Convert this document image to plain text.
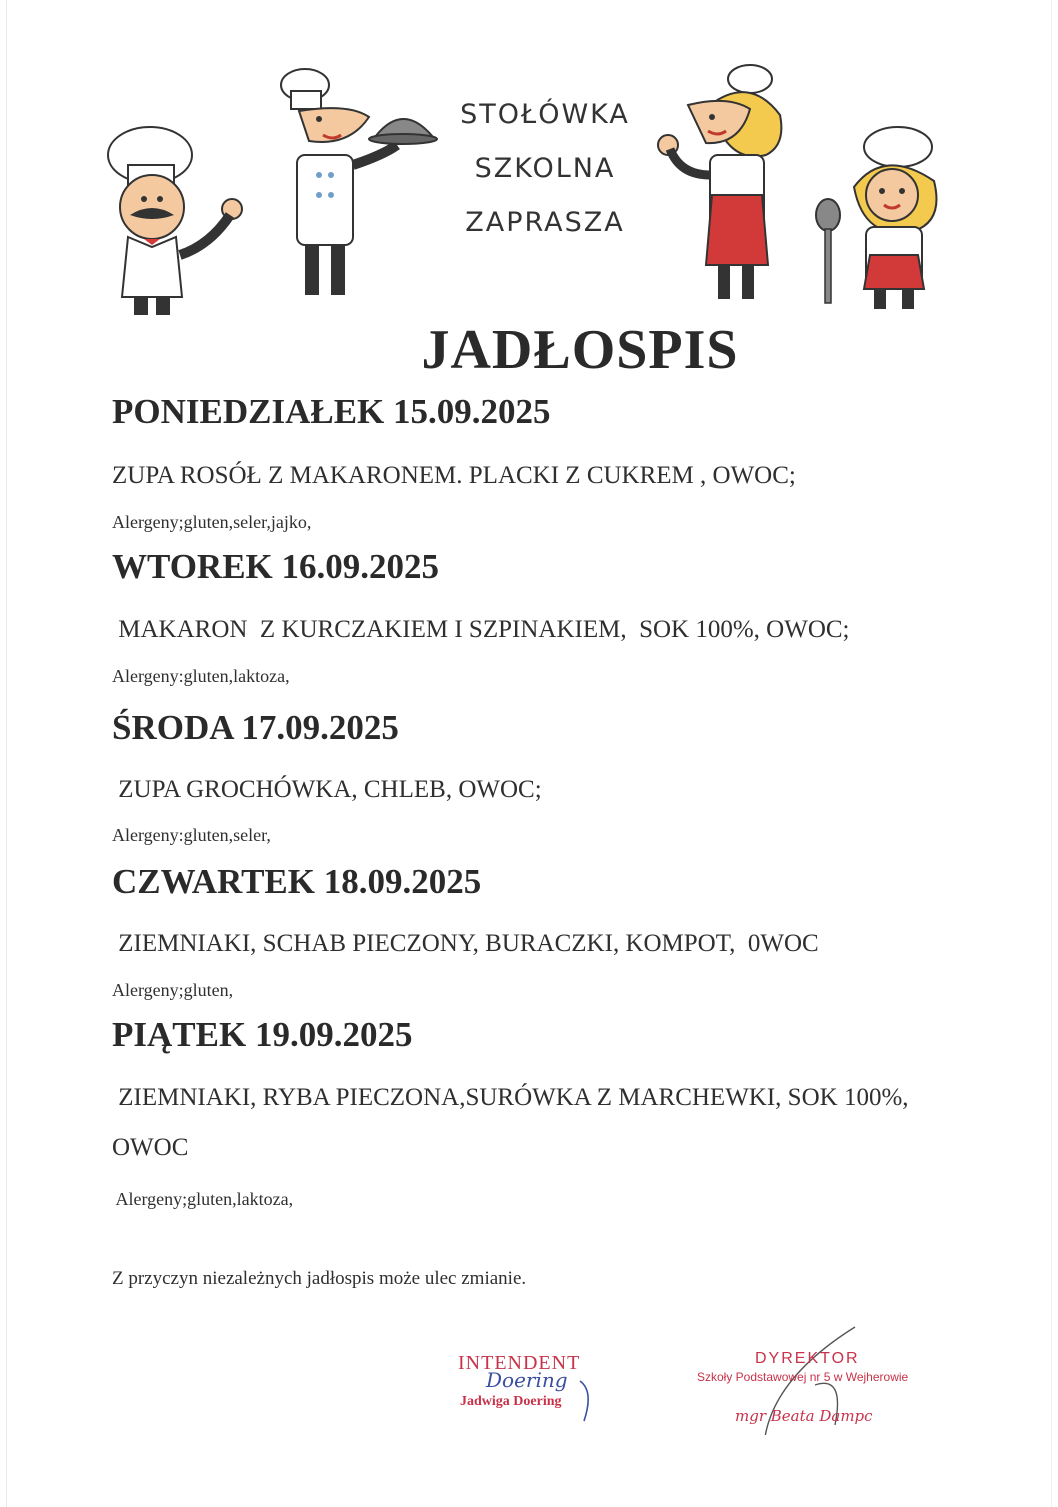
STOŁÓWKA
SZKOLNA
ZAPRASZA
JADŁOSPIS
PONIEDZIAŁEK 15.09.2025
ZUPA ROSÓŁ Z MAKARONEM. PLACKI Z CUKREM , OWOC;
Alergeny;gluten,seler,jajko,
WTOREK 16.09.2025
MAKARON  Z KURCZAKIEM I SZPINAKIEM,  SOK 100%, OWOC;
Alergeny:gluten,laktoza,
ŚRODA 17.09.2025
ZUPA GROCHÓWKA, CHLEB, OWOC;
Alergeny:gluten,seler,
CZWARTEK 18.09.2025
ZIEMNIAKI, SCHAB PIECZONY, BURACZKI, KOMPOT,  0WOC
Alergeny;gluten,
PIĄTEK 19.09.2025
ZIEMNIAKI, RYBA PIECZONA,SURÓWKA Z MARCHEWKI, SOK 100%,
OWOC
Alergeny;gluten,laktoza,
Z przyczyn niezależnych jadłospis może ulec zmianie.
INTENDENT
Doering
Jadwiga Doering
DYREKTOR
Szkoły Podstawowej nr 5 w Wejherowie
mgr Beata Dampc
